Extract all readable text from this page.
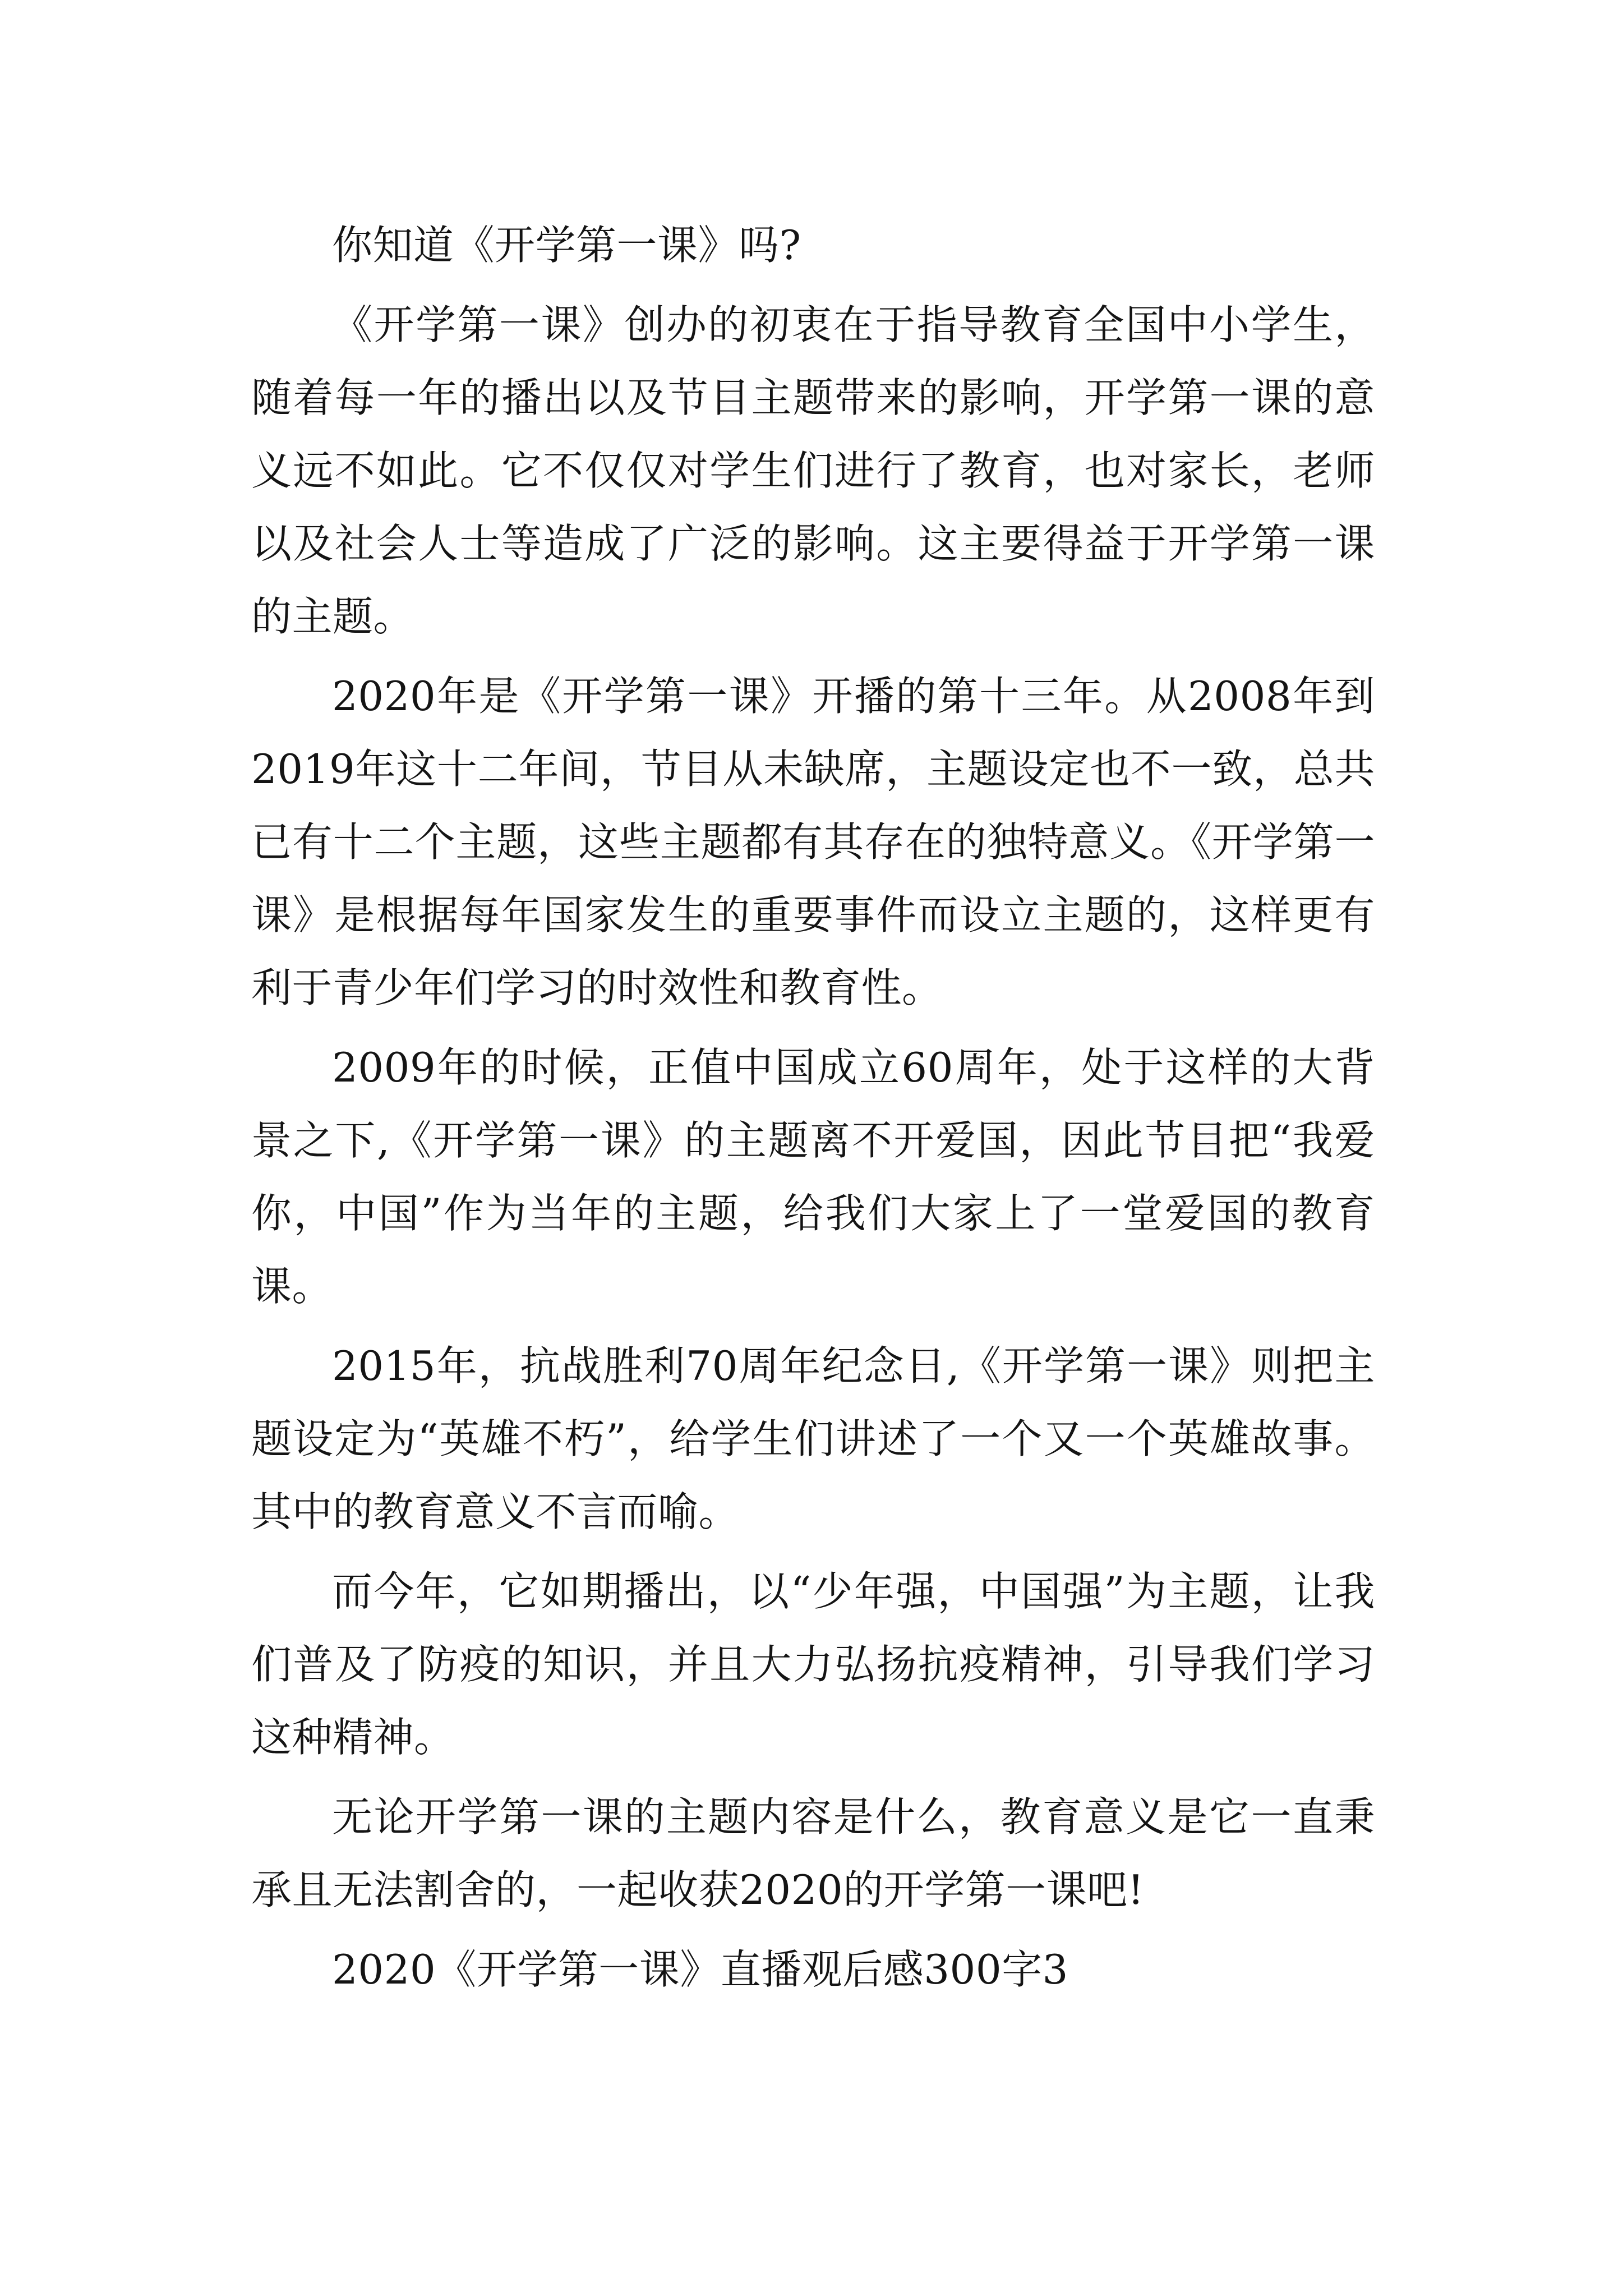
你知道《开学第一课》吗?

《开学第一课》创办的初衷在于指导教育全国中小学生，随着每一年的播出以及节目主题带来的影响，开学第一课的意义远不如此。它不仅仅对学生们进行了教育，也对家长，老师以及社会人士等造成了广泛的影响。这主要得益于开学第一课的主题。

2020年是《开学第一课》开播的第十三年。从2008年到2019年这十二年间，节目从未缺席，主题设定也不一致，总共已有十二个主题，这些主题都有其存在的独特意义。《开学第一课》是根据每年国家发生的重要事件而设立主题的，这样更有利于青少年们学习的时效性和教育性。

2009年的时候，正值中国成立60周年，处于这样的大背景之下,《开学第一课》的主题离不开爱国，因此节目把“我爱你，中国”作为当年的主题，给我们大家上了一堂爱国的教育课。

2015年，抗战胜利70周年纪念日,《开学第一课》则把主题设定为“英雄不朽”，给学生们讲述了一个又一个英雄故事。其中的教育意义不言而喻。

而今年，它如期播出，以“少年强，中国强”为主题，让我们普及了防疫的知识，并且大力弘扬抗疫精神，引导我们学习这种精神。

无论开学第一课的主题内容是什么，教育意义是它一直秉承且无法割舍的，一起收获2020的开学第一课吧!

2020《开学第一课》直播观后感300字3
